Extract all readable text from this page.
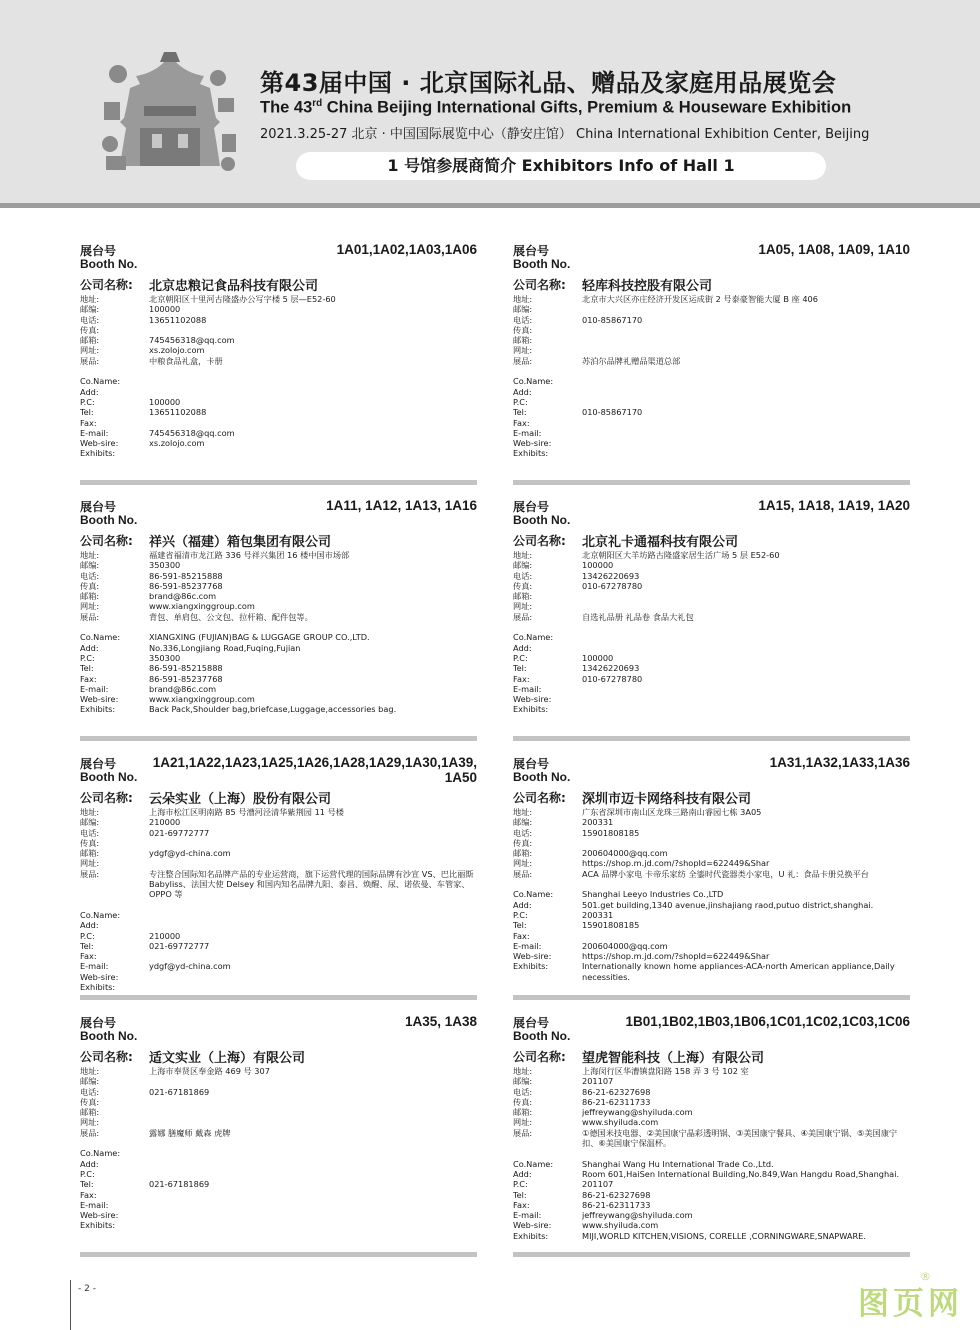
第43届中国 · 北京国际礼品、赠品及家庭用品展览会
The 43rd China Beijing International Gifts, Premium & Houseware Exhibition
2021.3.25-27 北京 · 中国国际展览中心（静安庄馆） China International Exhibition Center, Beijing
1 号馆参展商简介 Exhibitors Info of Hall 1
展台号
Booth No.
1A01,1A02,1A03,1A06
公司名称: 北京忠粮记食品科技有限公司
地址:	北京朝阳区十里河古隆盛办公写字楼 5 层—E52-60
邮编:	100000
电话:	13651102088
传真:
邮箱:	745456318@qq.com
网址:	xs.zolojo.com
展品:	中粮食品礼盒，卡册
Co.Name:
Add:
P.C:	100000
Tel:	13651102088
Fax:
E-mail:	745456318@qq.com
Web-sire:	xs.zolojo.com
Exhibits:
展台号
Booth No.
1A05, 1A08, 1A09, 1A10
公司名称: 轻库科技控股有限公司
地址:	北京市大兴区亦庄经济开发区运成街 2 号泰豪智能大厦 B 座 406
邮编:
电话:	010-85867170
传真:
邮箱:
网址:
展品:	苏泊尔品牌礼赠品渠道总部
Co.Name:
Add:
P.C:
Tel:	010-85867170
Fax:
E-mail:
Web-sire:
Exhibits:
展台号
Booth No.
1A11, 1A12, 1A13, 1A16
公司名称: 祥兴（福建）箱包集团有限公司
地址:	福建省福清市龙江路 336 号祥兴集团 16 楼中国市场部
邮编:	350300
电话:	86-591-85215888
传真:	86-591-85237768
邮箱:	brand@86c.com
网址:	www.xiangxinggroup.com
展品:	背包、单肩包、公文包、拉杆箱、配件包等。
Co.Name:	XIANGXING (FUJIAN)BAG & LUGGAGE GROUP CO.,LTD.
Add:	No.336,Longjiang Road,Fuqing,Fujian
P.C:	350300
Tel:	86-591-85215888
Fax:	86-591-85237768
E-mail:	brand@86c.com
Web-sire:	www.xiangxinggroup.com
Exhibits:	Back Pack,Shoulder bag,briefcase,Luggage,accessories bag.
展台号
Booth No.
1A15, 1A18, 1A19, 1A20
公司名称: 北京礼卡通福科技有限公司
地址:	北京朝阳区大羊坊路古隆盛家居生活广场 5 层 E52-60
邮编:	100000
电话:	13426220693
传真:	010-67278780
邮箱:
网址:
展品:	自选礼品册 礼品卷 食品大礼包
Co.Name:
Add:
P.C:	100000
Tel:	13426220693
Fax:	010-67278780
E-mail:
Web-sire:
Exhibits:
展台号
Booth No.
1A21,1A22,1A23,1A25,1A26,1A28,1A29,1A30,1A39, 1A50
公司名称: 云朵实业（上海）股份有限公司
地址:	上海市松江区明南路 85 号漕河泾清华紫荆园 11 号楼
邮编:	210000
电话:	021-69772777
传真:
邮箱:	ydgf@yd-china.com
网址:
展品:	专注整合国际知名品牌产品的专业运营商，旗下运营代理的国际品牌有沙宣 VS、巴比丽斯 Babyliss、法国大使 Delsey 和国内知名品牌九阳、泰昌、焕醒、尿、诺依曼、车管家、OPPO 等
Co.Name:
Add:
P.C:	210000
Tel:	021-69772777
Fax:
E-mail:	ydgf@yd-china.com
Web-sire:
Exhibits:
展台号
Booth No.
1A31,1A32,1A33,1A36
公司名称: 深圳市迈卡网络科技有限公司
地址:	广东省深圳市南山区龙珠三路南山睿园七栋 3A05
邮编:	200331
电话:	15901808185
传真:
邮箱:	200604000@qq.com
网址:	https://shop.m.jd.com/?shopId=622449&Shar
展品:	ACA 品牌小家电 卡帝乐家纺 全鎏时代瓷器类小家电，U 礼：食品卡册兑换平台
Co.Name:	Shanghai Leeyo Industries Co.,LTD
Add:	501.get building,1340 avenue,jinshajiang raod,putuo district,shanghai.
P.C:	200331
Tel:	15901808185
Fax:
E-mail:	200604000@qq.com
Web-sire:	https://shop.m.jd.com/?shopId=622449&Shar
Exhibits:	Internationally known home appliances-ACA-north American appliance,Daily necessities.
展台号
Booth No.
1A35, 1A38
公司名称: 适文实业（上海）有限公司
地址:	上海市奉贤区奉金路 469 号 307
邮编:
电话:	021-67181869
传真:
邮箱:
网址:
展品:	露娜 膳魔师 戴森 虎牌
Co.Name:
Add:
P.C:
Tel:	021-67181869
Fax:
E-mail:
Web-sire:
Exhibits:
展台号
Booth No.
1B01,1B02,1B03,1B06,1C01,1C02,1C03,1C06
公司名称: 望虎智能科技（上海）有限公司
地址:	上海闵行区华漕镇盘阳路 158 弄 3 号 102 室
邮编:	201107
电话:	86-21-62327698
传真:	86-21-62311733
邮箱:	jeffreywang@shyiluda.com
网址:	www.shyiluda.com
展品:	①德国米技电器、②美国康宁晶彩透明锅、③美国康宁餐具、④美国康宁锅、⑤美国康宁扣、⑥美国康宁保温杯。
Co.Name:	Shanghai Wang Hu International Trade Co.,Ltd.
Add:	Room 601,HaiSen International Building,No.849,Wan Hangdu Road,Shanghai.
P.C:	201107
Tel:	86-21-62327698
Fax:	86-21-62311733
E-mail:	jeffreywang@shyiluda.com
Web-sire:	www.shyiluda.com
Exhibits:	MIJI,WORLD KITCHEN,VISIONS, CORELLE ,CORNINGWARE,SNAPWARE.
- 2 -	图页网
®
